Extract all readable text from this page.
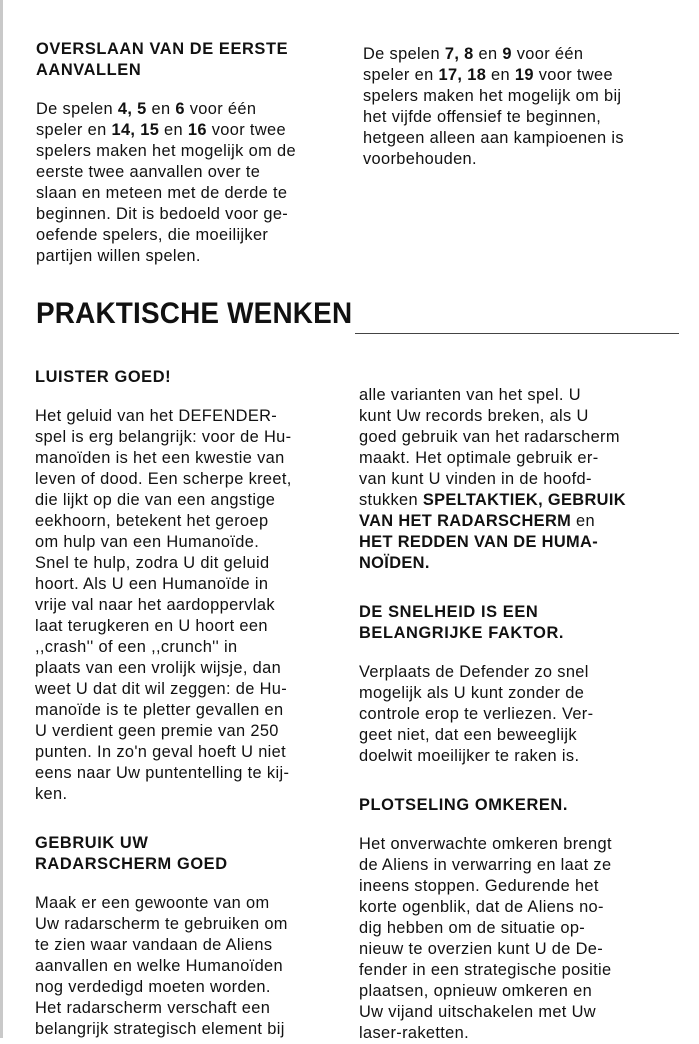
OVERSLAAN VAN DE EERSTE
AANVALLEN

De spelen 4, 5 en 6 voor één
speler en 14, 15 en 16 voor twee
spelers maken het mogelijk om de
eerste twee aanvallen over te
slaan en meteen met de derde te
beginnen. Dit is bedoeld voor ge-
oefende spelers, die moeilijker
partijen willen spelen.

De spelen 7, 8 en 9 voor één
speler en 17, 18 en 19 voor twee
spelers maken het mogelijk om bij
het vijfde offensief te beginnen,
hetgeen alleen aan kampioenen is
voorbehouden.

PRAKTISCHE WENKEN
LUISTER GOED!

Het geluid van het DEFENDER-
spel is erg belangrijk: voor de Hu-
manoïden is het een kwestie van
leven of dood. Een scherpe kreet,
die lijkt op die van een angstige
eekhoorn, betekent het geroep
om hulp van een Humanoïde.
Snel te hulp, zodra U dit geluid
hoort. Als U een Humanoïde in
vrije val naar het aardoppervlak
laat terugkeren en U hoort een
,,crash'' of een ,,crunch'' in
plaats van een vrolijk wijsje, dan
weet U dat dit wil zeggen: de Hu-
manoïde is te pletter gevallen en
U verdient geen premie van 250
punten. In zo'n geval hoeft U niet
eens naar Uw puntentelling te kij-
ken.

GEBRUIK UW
RADARSCHERM GOED

Maak er een gewoonte van om
Uw radarscherm te gebruiken om
te zien waar vandaan de Aliens
aanvallen en welke Humanoïden
nog verdedigd moeten worden.
Het radarscherm verschaft een
belangrijk strategisch element bij

alle varianten van het spel. U
kunt Uw records breken, als U
goed gebruik van het radarscherm
maakt. Het optimale gebruik er-
van kunt U vinden in de hoofd-
stukken SPELTAKTIEK, GEBRUIK
VAN HET RADARSCHERM en
HET REDDEN VAN DE HUMA-
NOÏDEN.

DE SNELHEID IS EEN
BELANGRIJKE FAKTOR.

Verplaats de Defender zo snel
mogelijk als U kunt zonder de
controle erop te verliezen. Ver-
geet niet, dat een beweeglijk
doelwit moeilijker te raken is.

PLOTSELING OMKEREN.

Het onverwachte omkeren brengt
de Aliens in verwarring en laat ze
ineens stoppen. Gedurende het
korte ogenblik, dat de Aliens no-
dig hebben om de situatie op-
nieuw te overzien kunt U de De-
fender in een strategische positie
plaatsen, opnieuw omkeren en
Uw vijand uitschakelen met Uw
laser-raketten.
